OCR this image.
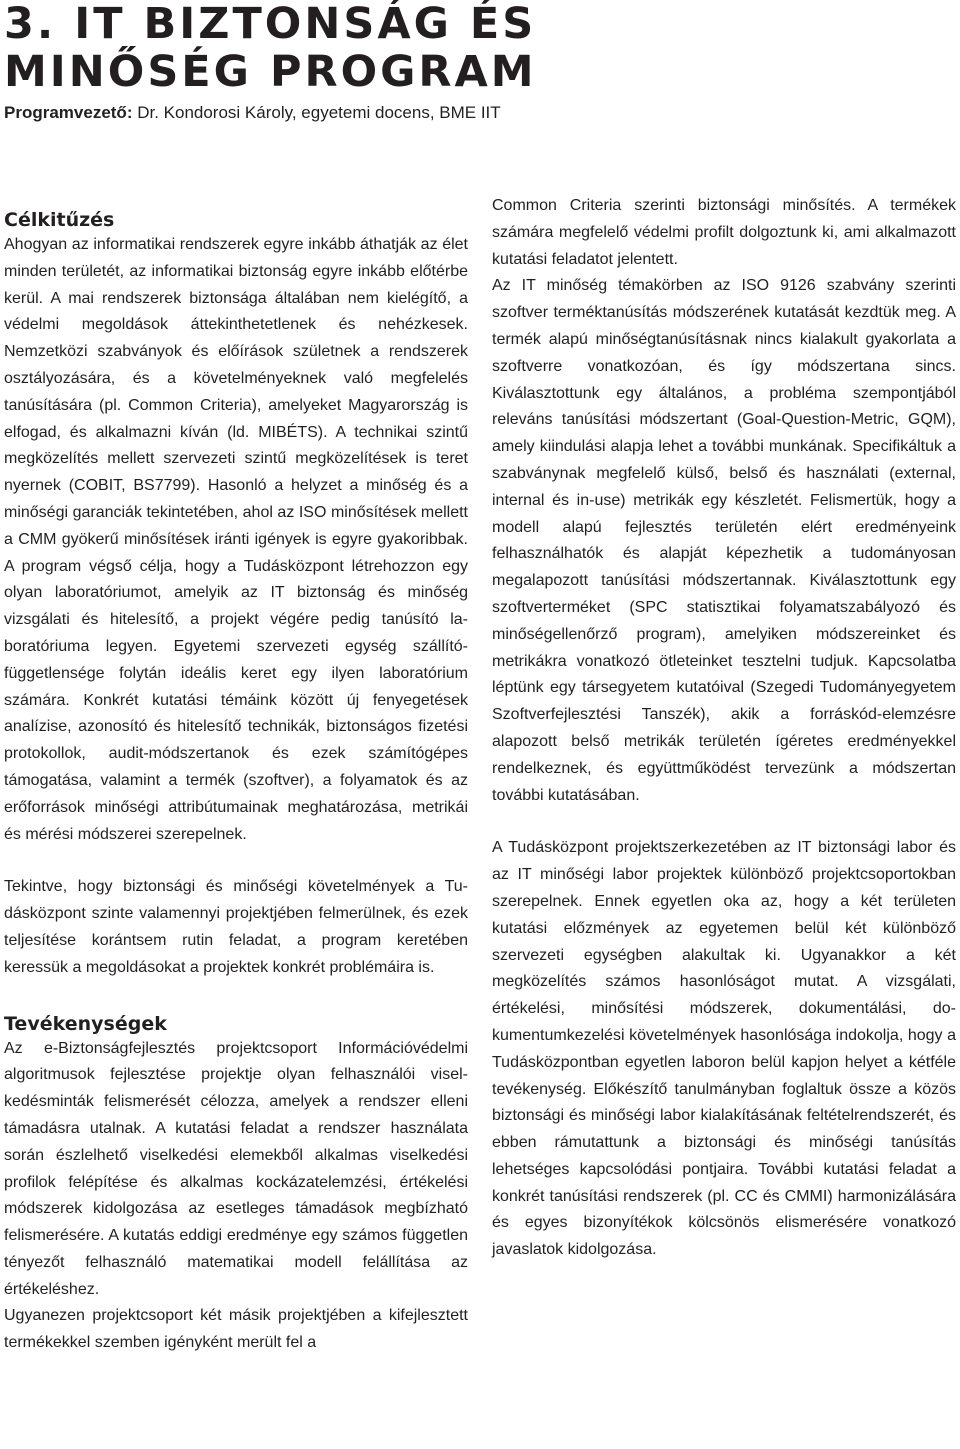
3. IT BIZTONSÁG ÉS
MINŐSÉG PROGRAM

Programvezető: Dr. Kondorosi Károly, egyetemi docens, BME IIT

Célkitűzés

Ahogyan az informatikai rendszerek egyre inkább áthatják az élet minden területét, az informatikai biztonság egyre inkább előtérbe kerül. A mai rendszerek biztonsága általában nem kielégítő, a védelmi megoldások áttekinthetetlenek és nehézkesek. Nemzetközi szabványok és előírások születnek a rendszerek osztályozására, és a követelményeknek való megfelelés tanúsítására (pl. Common Criteria), amelyeket Magyarország is elfogad, és alkalmazni kíván (ld. MIBÉTS). A technikai szintű megközelítés mellett szervezeti szintű megközelítések is teret nyernek (COBIT, BS7799). Hasonló a helyzet a minőség és a minőségi garanciák tekintetében, ahol az ISO minősítések mellett a CMM gyökerű minősítések iránti igények is egyre gyakoribbak. A program végső célja, hogy a Tudásközpont létrehozzon egy olyan laboratóriumot, amelyik az IT biztonság és minőség vizsgálati és hitelesítő, a projekt végére pedig tanúsító laboratóriuma legyen. Egyetemi szervezeti egység szállítófüggetlensége folytán ideális keret egy ilyen laboratórium számára. Konkrét kutatási témáink között új fenyegetések analízise, azonosító és hitelesítő technikák, biztonságos fizetési protokollok, audit-módszertanok és ezek számítógépes támogatása, valamint a termék (szoftver), a folyamatok és az erőforrások minőségi attribútumainak meghatározása, metrikái és mérési módszerei szerepelnek.

Tekintve, hogy biztonsági és minőségi követelmények a Tudásközpont szinte valamennyi projektjében felmerülnek, és ezek teljesítése korántsem rutin feladat, a program keretében keressük a megoldásokat a projektek konkrét problémáira is.

Tevékenységek

Az e-Biztonságfejlesztés projektcsoport Információvédelmi algoritmusok fejlesztése projektje olyan felhasználói viselkedésminták felismerését célozza, amelyek a rendszer elleni támadásra utalnak. A kutatási feladat a rendszer használata során észlelhető viselkedési elemekből alkalmas viselkedési profilok felépítése és alkalmas kockázatelemzési, értékelési módszerek kidolgozása az esetleges támadások megbízható felismerésére. A kutatás eddigi eredménye egy számos független tényezőt felhasználó matematikai modell felállítása az értékeléshez.

Ugyanezen projektcsoport két másik projektjében a kifejlesztett termékekkel szemben igényként merült fel a

Common Criteria szerinti biztonsági minősítés. A termékek számára megfelelő védelmi profilt dolgoztunk ki, ami alkalmazott kutatási feladatot jelentett.

Az IT minőség témakörben az ISO 9126 szabvány szerinti szoftver terméktanúsítás módszerének kutatását kezdtük meg. A termék alapú minőségtanúsításnak nincs kialakult gyakorlata a szoftverre vonatkozóan, és így módszertana sincs. Kiválasztottunk egy általános, a probléma szempontjából releváns tanúsítási módszertant (Goal-Question-Metric, GQM), amely kiindulási alapja lehet a további munkának. Specifikáltuk a szabványnak megfelelő külső, belső és használati (external, internal és in-use) metrikák egy készletét. Felismertük, hogy a modell alapú fejlesztés területén elért eredményeink felhasználhatók és alapját képezhetik a tudományosan megalapozott tanúsítási módszertannak. Kiválasztottunk egy szoftverterméket (SPC statisztikai folyamatszabályozó és minőségellenőrző program), amelyiken módszereinket és metrikákra vonatkozó ötleteinket tesztelni tudjuk. Kapcsolatba léptünk egy társegyetem kutatóival (Szegedi Tudományegyetem Szoftverfejlesztési Tanszék), akik a forráskód-elemzésre alapozott belső metrikák területén ígéretes eredményekkel rendelkeznek, és együttműködést tervezünk a módszertan további kutatásában.

A Tudásközpont projektszerkezetében az IT biztonsági labor és az IT minőségi labor projektek különböző projektcsoportokban szerepelnek. Ennek egyetlen oka az, hogy a két területen kutatási előzmények az egyetemen belül két különböző szervezeti egységben alakultak ki. Ugyanakkor a két megközelítés számos hasonlóságot mutat. A vizsgálati, értékelési, minősítési módszerek, dokumentálási, dokumentumkezelési követelmények hasonlósága indokolja, hogy a Tudásközpontban egyetlen laboron belül kapjon helyet a kétféle tevékenység. Előkészítő tanulmányban foglaltuk össze a közös biztonsági és minőségi labor kialakításának feltételrendszerét, és ebben rámutattunk a biztonsági és minőségi tanúsítás lehetséges kapcsolódási pontjaira. További kutatási feladat a konkrét tanúsítási rendszerek (pl. CC és CMMI) harmonizálására és egyes bizonyítékok kölcsönös elismerésére vonatkozó javaslatok kidolgozása.
